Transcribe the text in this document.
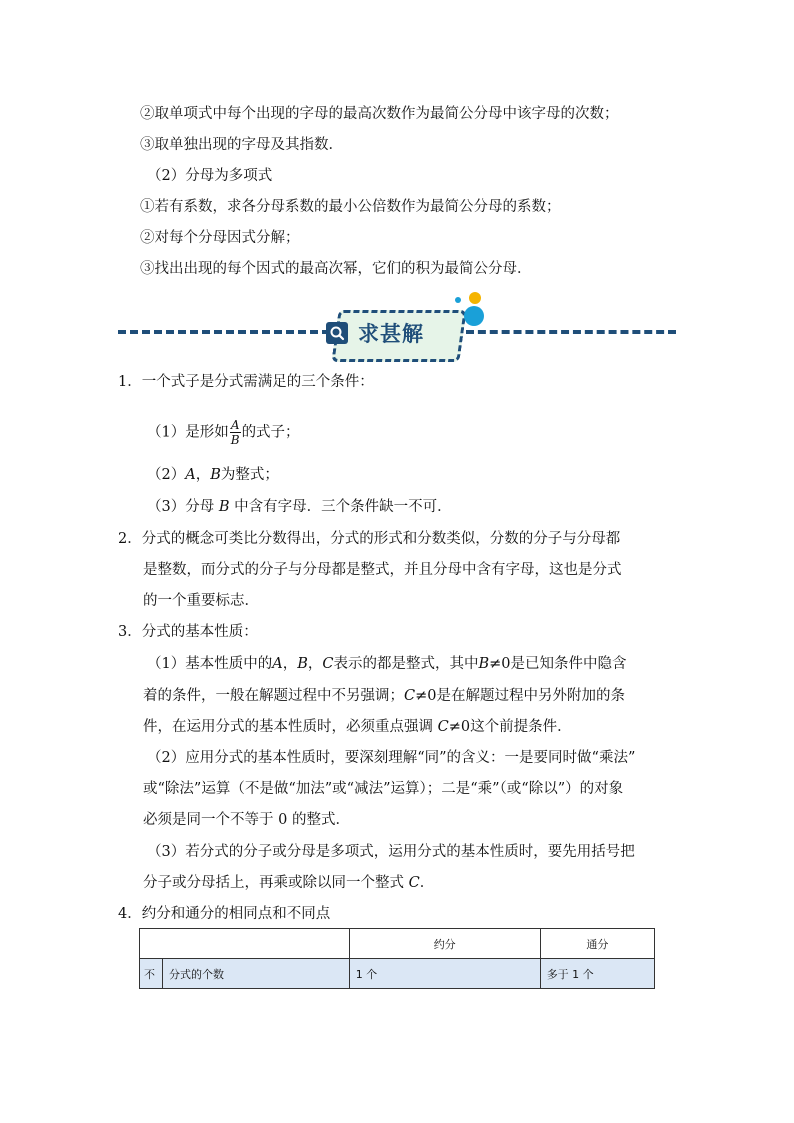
②取单项式中每个出现的字母的最高次数作为最简公分母中该字母的次数；
③取单独出现的字母及其指数．
（2）分母为多项式
①若有系数，求各分母系数的最小公倍数作为最简公分母的系数；
②对每个分母因式分解；
③找出出现的每个因式的最高次幂，它们的积为最简公分母．
求甚解
1．一个式子是分式需满足的三个条件：
（1）是形如 $\frac{A}{B}$ 的式子；
（2）A，B为整式；
（3）分母 B 中含有字母．三个条件缺一不可．
2．分式的概念可类比分数得出，分式的形式和分数类似，分数的分子与分母都
是整数，而分式的分子与分母都是整式，并且分母中含有字母，这也是分式
的一个重要标志．
3．分式的基本性质：
（1）基本性质中的A，B，C表示的都是整式，其中B≠0是已知条件中隐含
着的条件，一般在解题过程中不另强调；C≠0是在解题过程中另外附加的条
件，在运用分式的基本性质时，必须重点强调 C≠0这个前提条件．
（2）应用分式的基本性质时，要深刻理解“同”的含义：一是要同时做“乘法”
或“除法”运算（不是做“加法”或“减法”运算）；二是“乘”（或“除以”）的对象
必须是同一个不等于 0 的整式．
（3）若分式的分子或分母是多项式，运用分式的基本性质时，要先用括号把
分子或分母括上，再乘或除以同一个整式 C．
4．约分和通分的相同点和不同点
		约分	通分
不	分式的个数	1 个	多于 1 个
